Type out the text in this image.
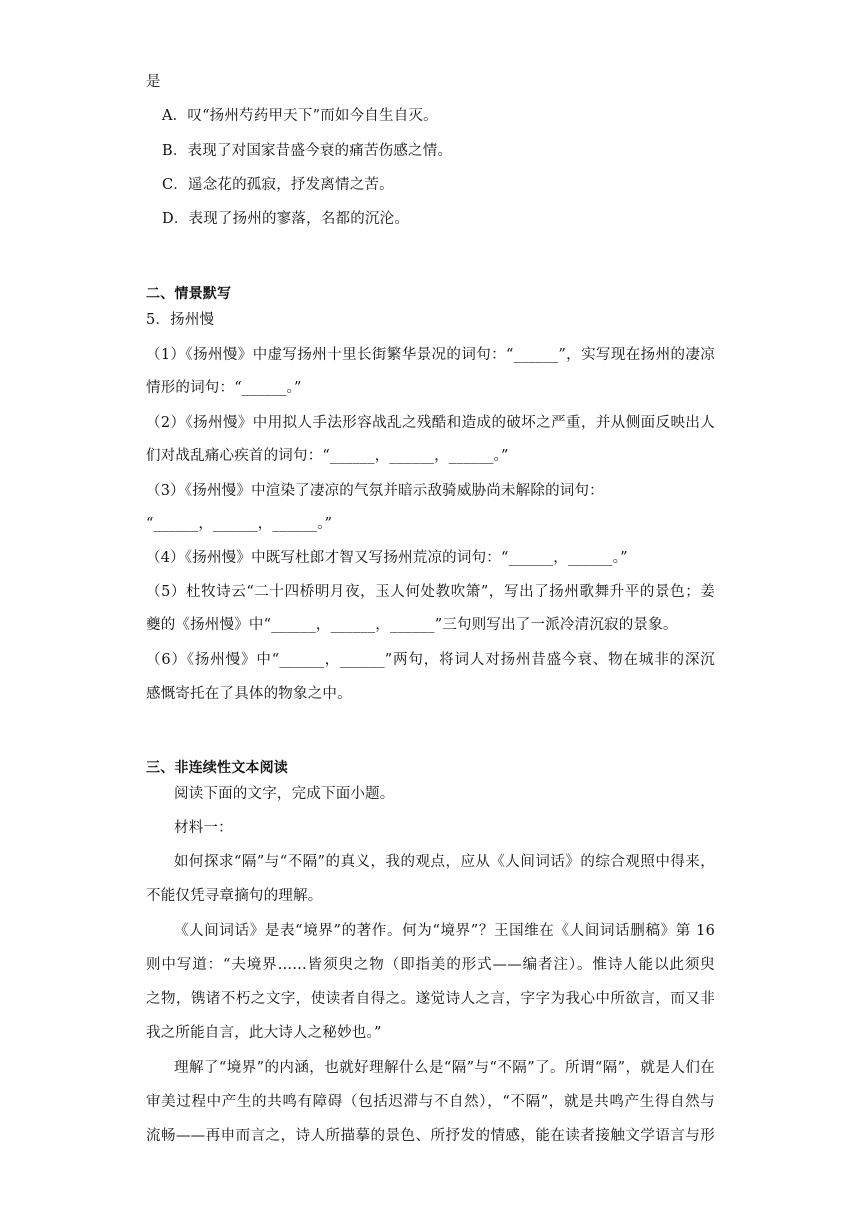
是
A．叹“扬州芍药甲天下”而如今自生自灭。
B．表现了对国家昔盛今衰的痛苦伤感之情。
C．遥念花的孤寂，抒发离情之苦。
D．表现了扬州的寥落，名都的沉沦。
二、情景默写
5．扬州慢
（1）《扬州慢》中虚写扬州十里长街繁华景况的词句：“______”，实写现在扬州的凄凉
情形的词句：“______。”
（2）《扬州慢》中用拟人手法形容战乱之残酷和造成的破坏之严重，并从侧面反映出人
们对战乱痛心疾首的词句：“______，______，______。”
（3）《扬州慢》中渲染了凄凉的气氛并暗示敌骑威胁尚未解除的词句：
“______，______，______。”
（4）《扬州慢》中既写杜郎才智又写扬州荒凉的词句：“______，______。”
（5）杜牧诗云“二十四桥明月夜，玉人何处教吹箫”，写出了扬州歌舞升平的景色；姜
夔的《扬州慢》中“______，______，______”三句则写出了一派冷清沉寂的景象。
（6）《扬州慢》中“______，______”两句，将词人对扬州昔盛今衰、物在城非的深沉
感慨寄托在了具体的物象之中。
三、非连续性文本阅读
阅读下面的文字，完成下面小题。
材料一：
如何探求“隔”与“不隔”的真义，我的观点，应从《人间词话》的综合观照中得来，
不能仅凭寻章摘句的理解。
《人间词话》是表“境界”的著作。何为“境界”？王国维在《人间词话删稿》第 16
则中写道：“夫境界……皆须臾之物（即指美的形式——编者注）。惟诗人能以此须臾
之物，镌诸不朽之文字，使读者自得之。遂觉诗人之言，字字为我心中所欲言，而又非
我之所能自言，此大诗人之秘妙也。”
理解了“境界”的内涵，也就好理解什么是“隔”与“不隔”了。所谓“隔”，就是人们在
审美过程中产生的共鸣有障碍（包括迟滞与不自然），“不隔”，就是共鸣产生得自然与
流畅——再申而言之，诗人所描摹的景色、所抒发的情感，能在读者接触文学语言与形
